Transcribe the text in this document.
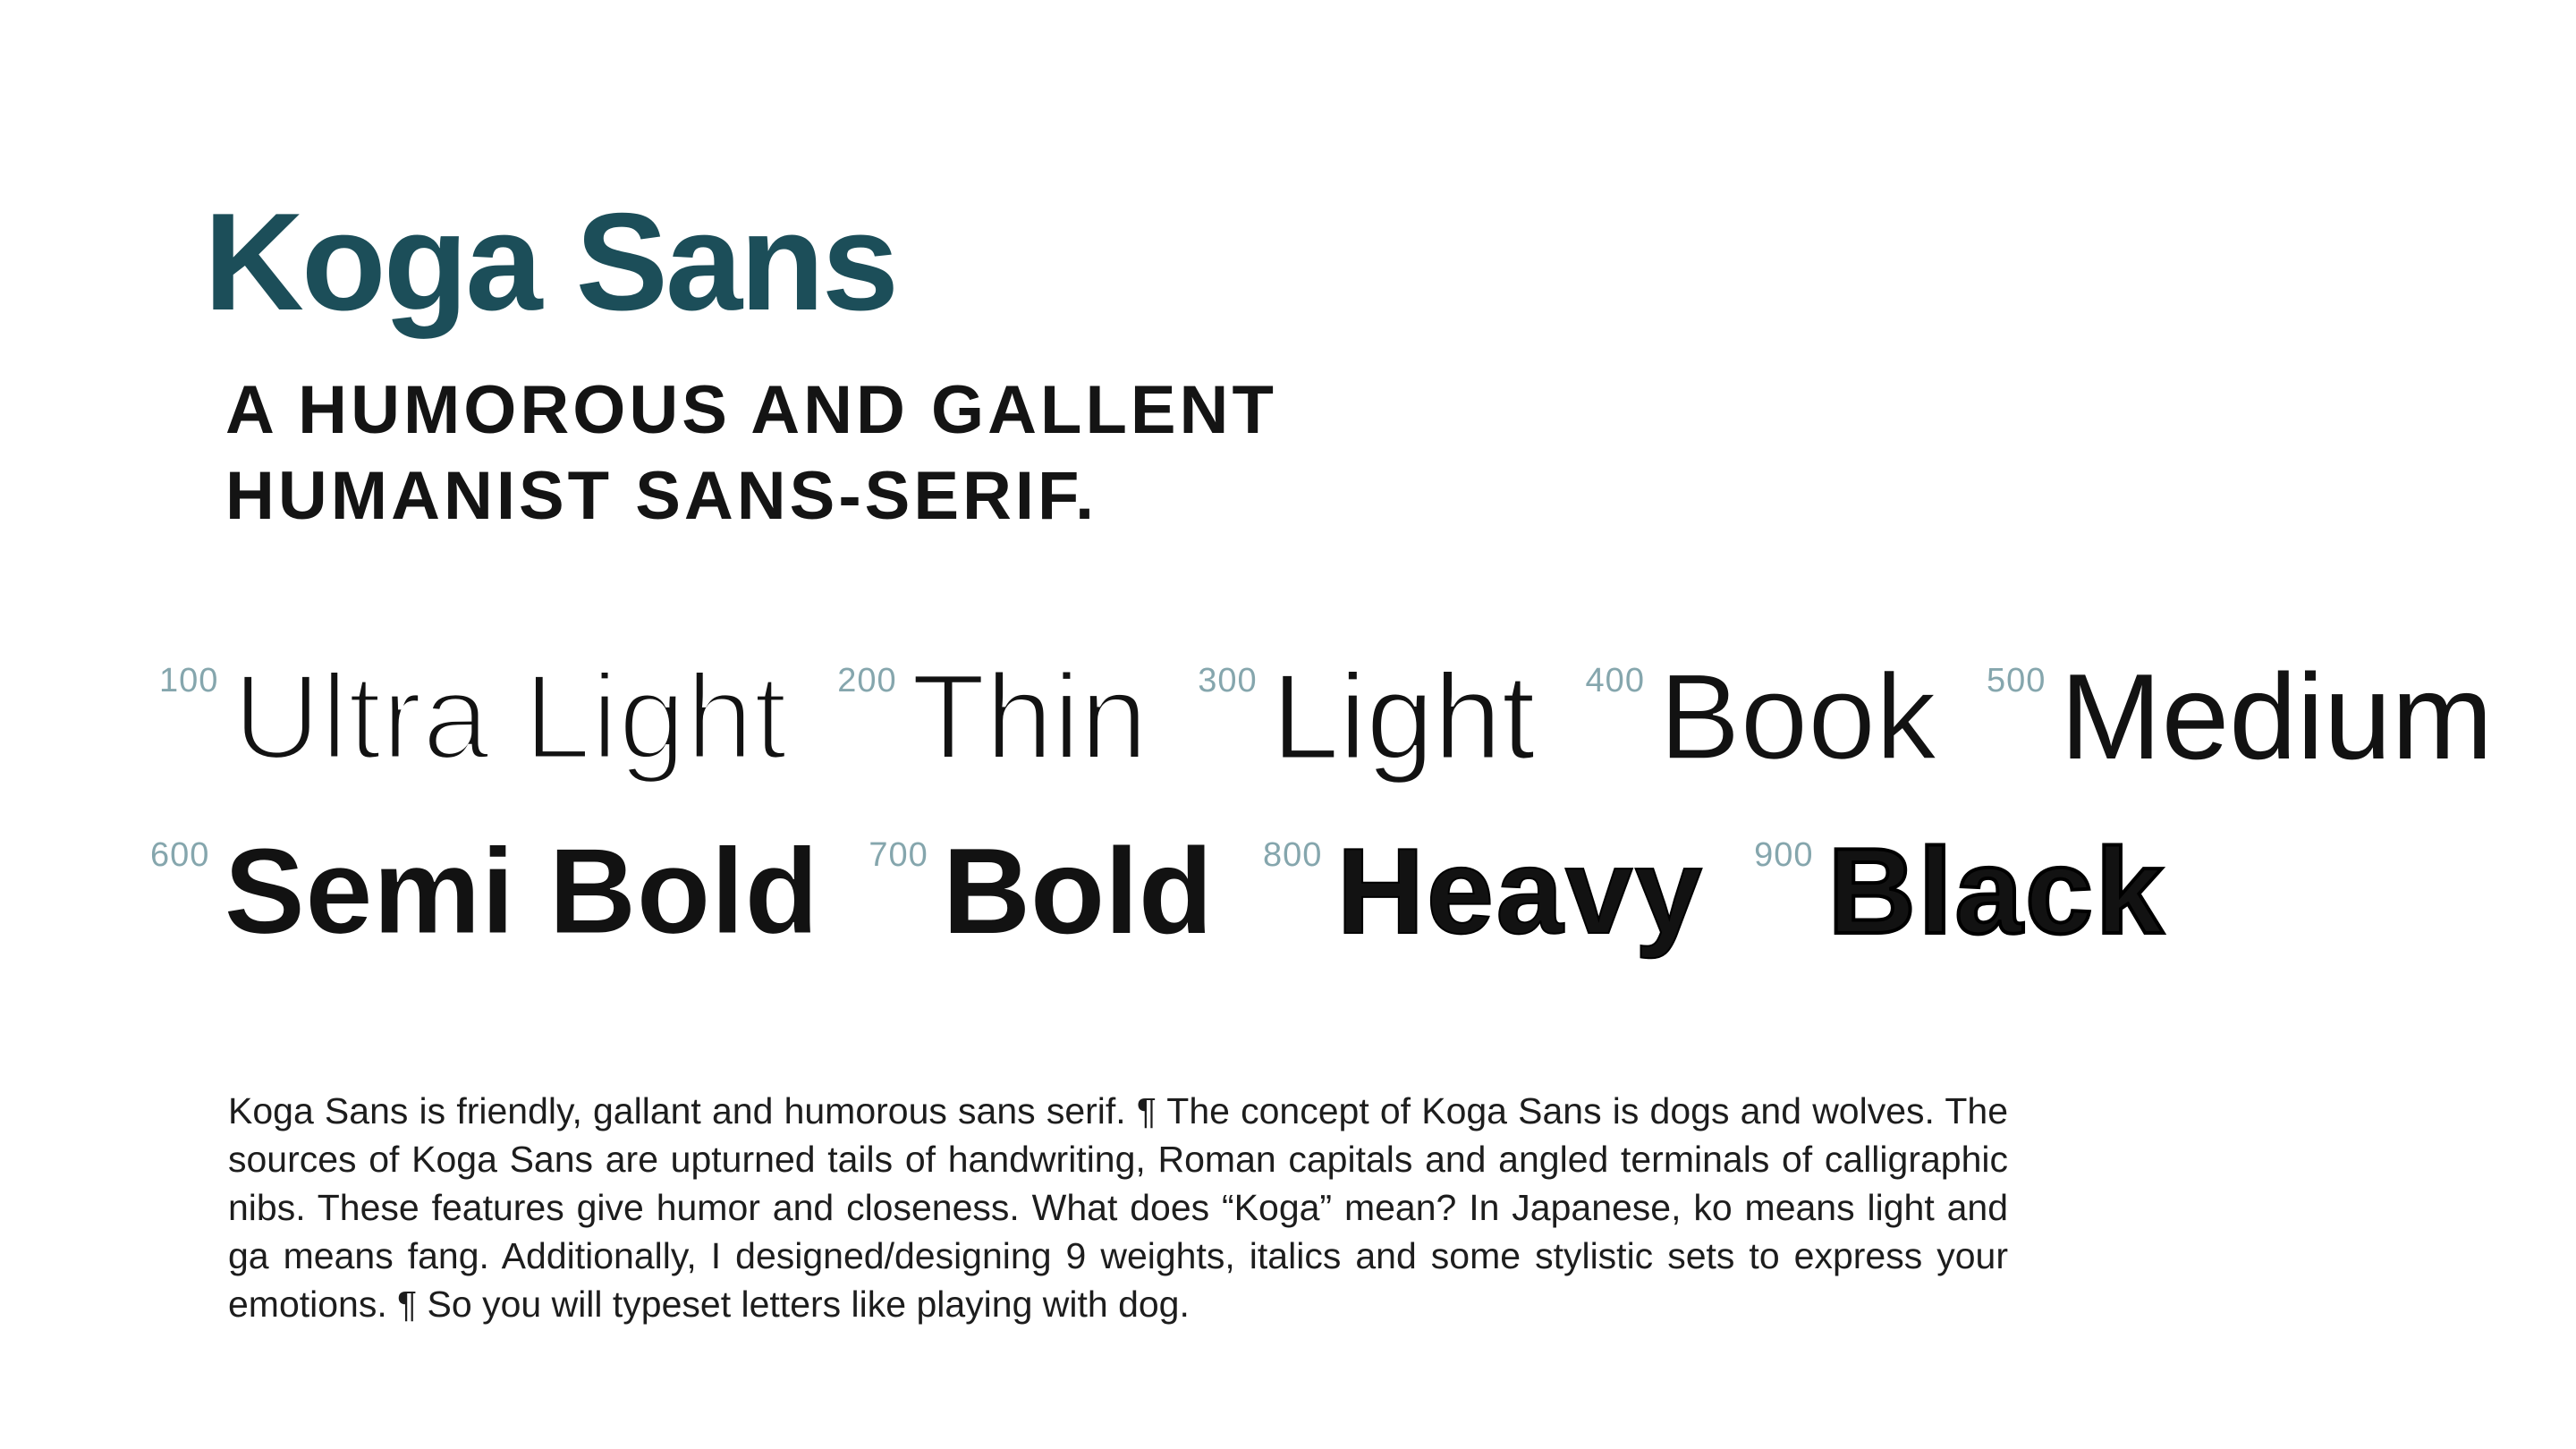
Koga Sans
A HUMOROUS AND GALLENT
HUMANIST SANS-SERIF.
100 Ultra Light 200 Thin 300 Light 400 Book 500 Medium
600 Semi Bold 700 Bold 800 Heavy 900 Black

Koga Sans is friendly, gallant and humorous sans serif. ¶ The concept of Koga Sans is dogs and wolves. The sources of Koga Sans are upturned tails of handwriting, Roman capitals and angled terminals of calligraphic nibs. These features give humor and closeness. What does “Koga” mean? In Japanese, ko means light and ga means fang. Additionally, I designed/designing 9 weights, italics and some stylistic sets to express your emotions. ¶ So you will typeset letters like playing with dog.
